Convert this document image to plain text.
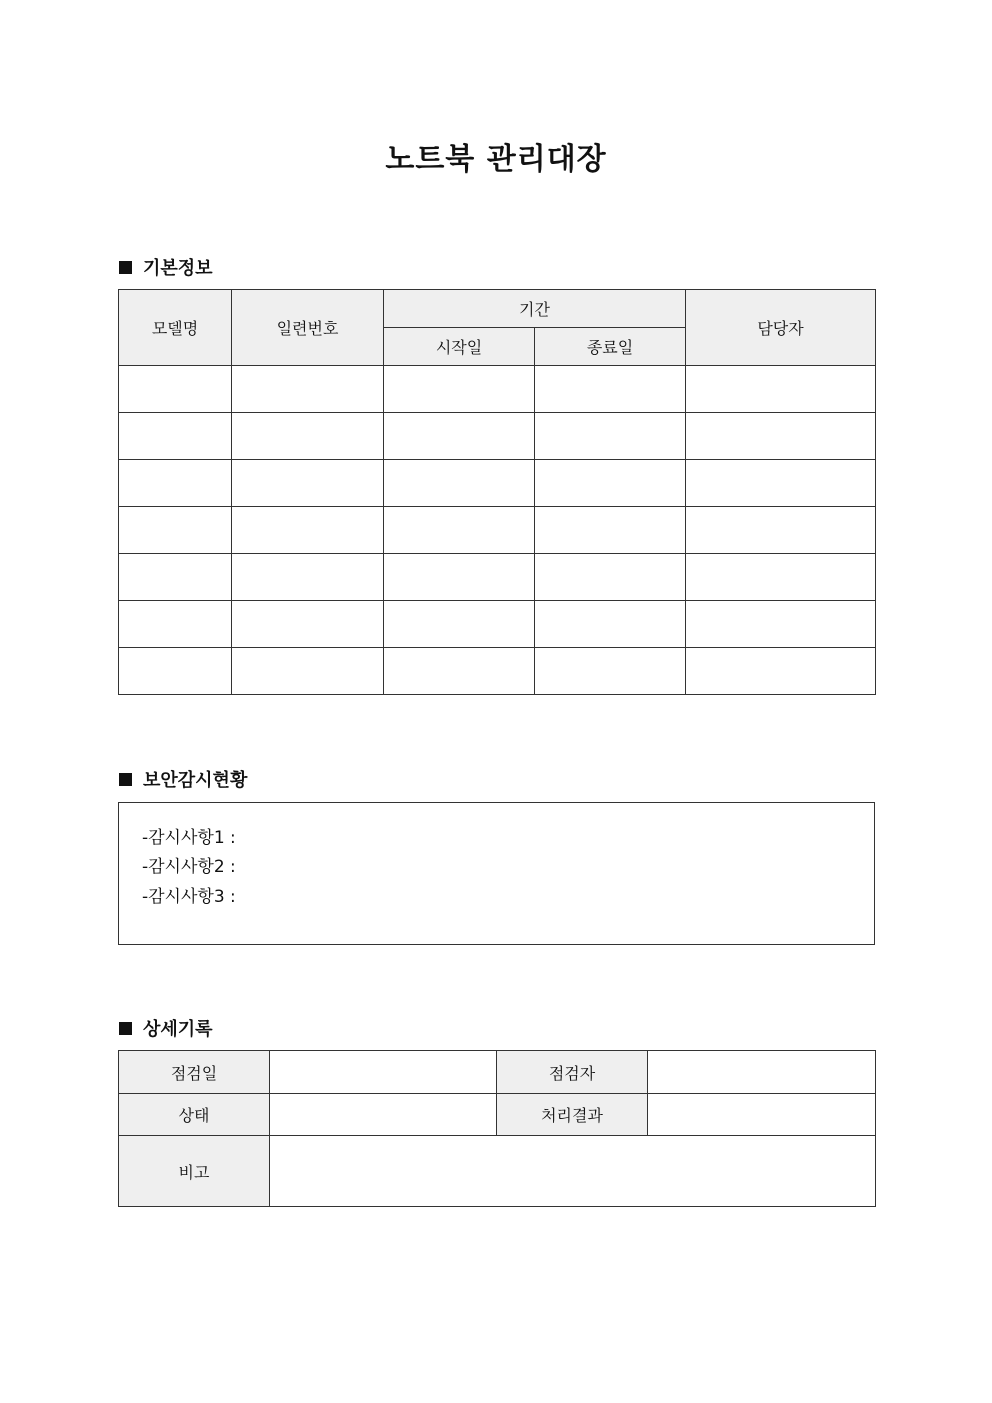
노트북 관리대장
기본정보
모델명	일련번호	기간		담당자
		시작일	종료일	

보안감시현황
-감시사항1 :
-감시사항2 :
-감시사항3 :
상세기록
점검일		점검자	
상태		처리결과	
비고			
